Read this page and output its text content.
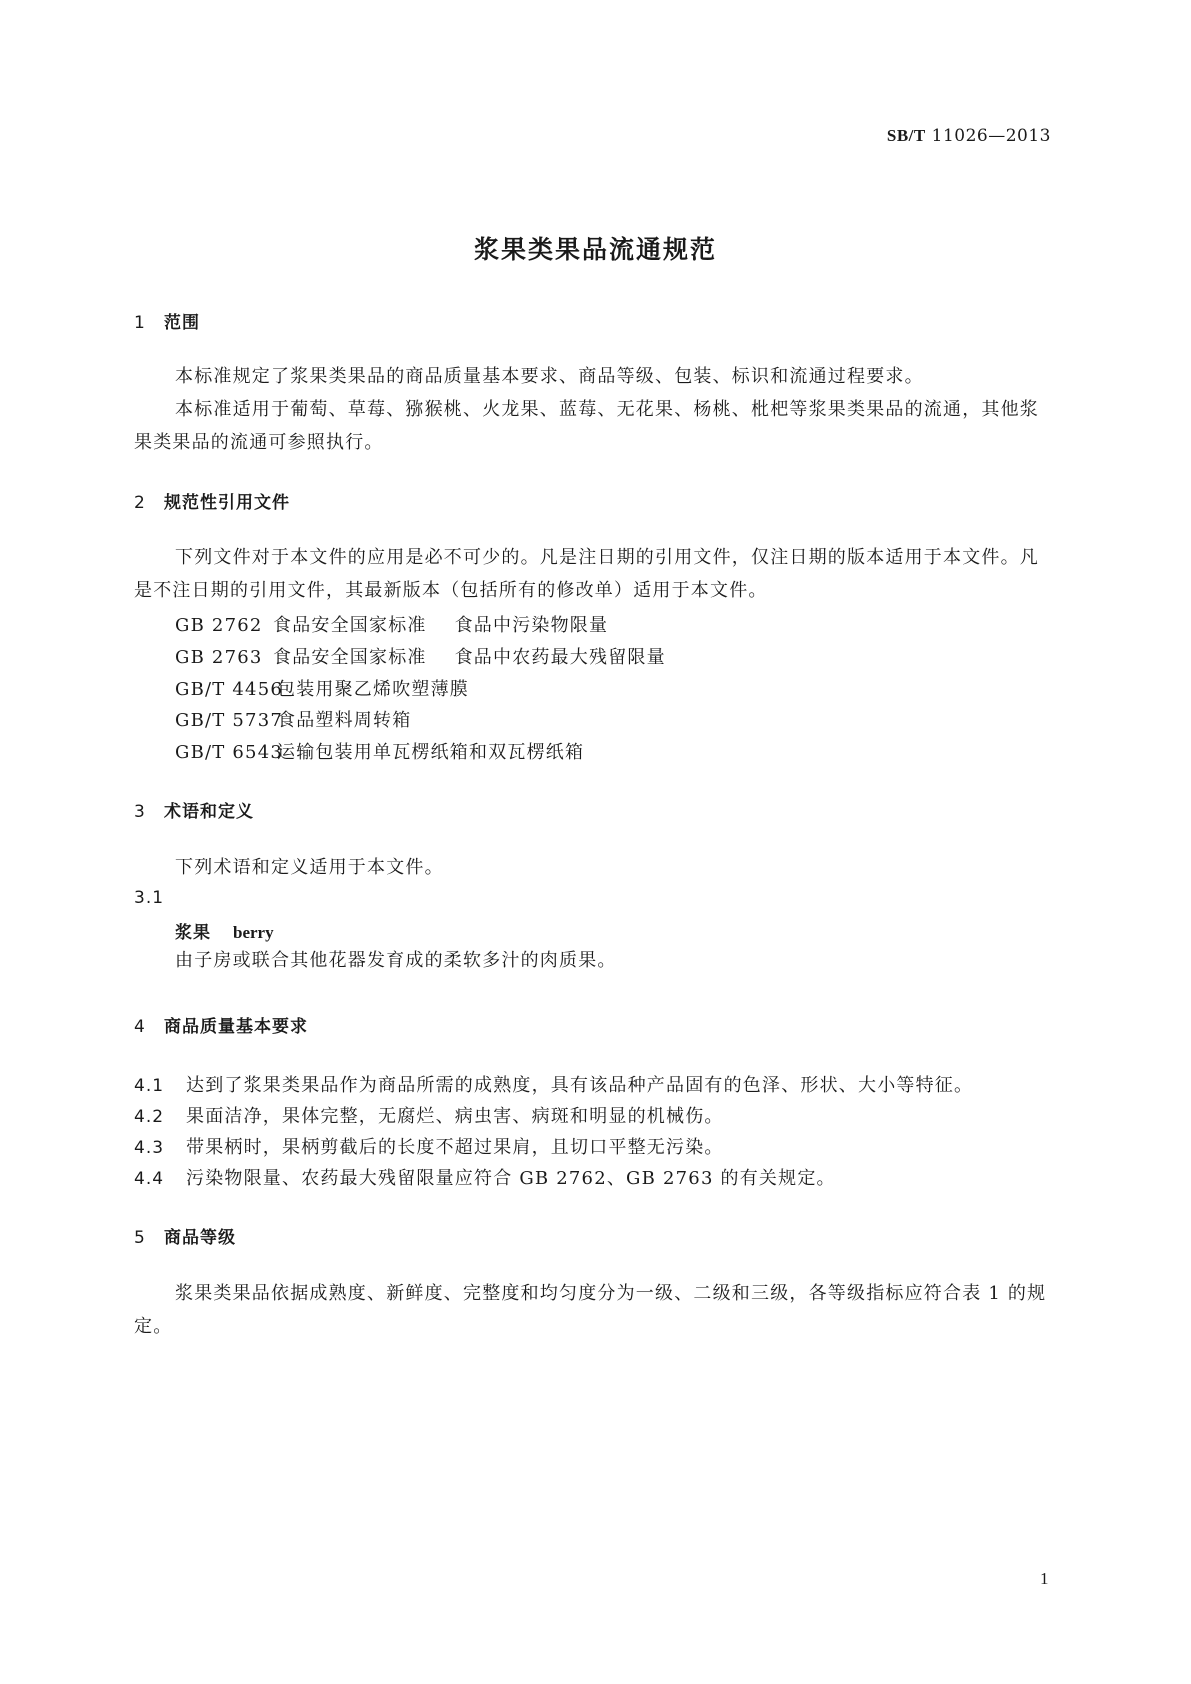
SB/T 11026—2013
浆果类果品流通规范
1 范围
本标准规定了浆果类果品的商品质量基本要求、商品等级、包装、标识和流通过程要求。
本标准适用于葡萄、草莓、猕猴桃、火龙果、蓝莓、无花果、杨桃、枇杷等浆果类果品的流通，其他浆果类果品的流通可参照执行。
2 规范性引用文件
下列文件对于本文件的应用是必不可少的。凡是注日期的引用文件，仅注日期的版本适用于本文件。凡是不注日期的引用文件，其最新版本（包括所有的修改单）适用于本文件。
GB 2762 食品安全国家标准 食品中污染物限量
GB 2763 食品安全国家标准 食品中农药最大残留限量
GB/T 4456包装用聚乙烯吹塑薄膜
GB/T 5737食品塑料周转箱
GB/T 6543运输包装用单瓦楞纸箱和双瓦楞纸箱
3 术语和定义
下列术语和定义适用于本文件。
3.1
浆果 berry
由子房或联合其他花器发育成的柔软多汁的肉质果。
4 商品质量基本要求
4.1 达到了浆果类果品作为商品所需的成熟度，具有该品种产品固有的色泽、形状、大小等特征。
4.2 果面洁净，果体完整，无腐烂、病虫害、病斑和明显的机械伤。
4.3 带果柄时，果柄剪截后的长度不超过果肩，且切口平整无污染。
4.4 污染物限量、农药最大残留限量应符合 GB 2762、GB 2763 的有关规定。
5 商品等级
浆果类果品依据成熟度、新鲜度、完整度和均匀度分为一级、二级和三级，各等级指标应符合表 1 的规定。
1
